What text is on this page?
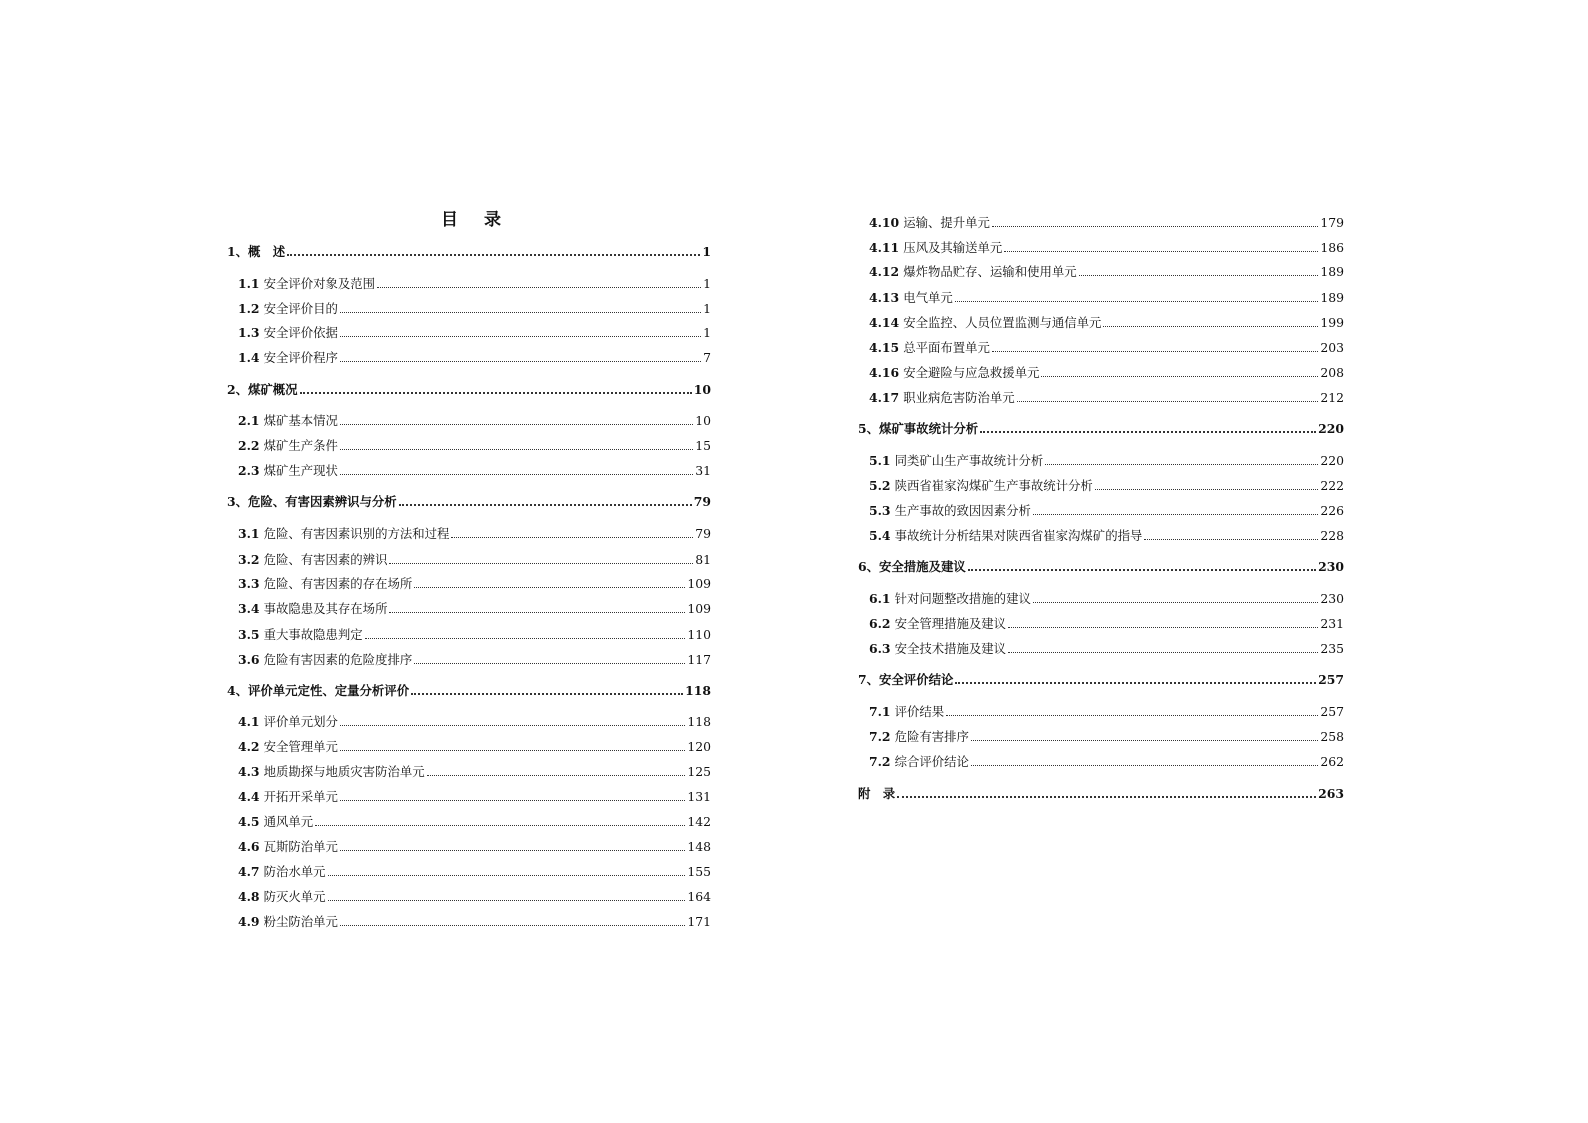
目 录
1、概　述	1
1.1 安全评价对象及范围	1
1.2 安全评价目的	1
1.3 安全评价依据	1
1.4 安全评价程序	7
2、煤矿概况	10
2.1 煤矿基本情况	10
2.2 煤矿生产条件	15
2.3 煤矿生产现状	31
3、危险、有害因素辨识与分析	79
3.1 危险、有害因素识别的方法和过程	79
3.2 危险、有害因素的辨识	81
3.3 危险、有害因素的存在场所	109
3.4 事故隐患及其存在场所	109
3.5 重大事故隐患判定	110
3.6 危险有害因素的危险度排序	117
4、评价单元定性、定量分析评价	118
4.1 评价单元划分	118
4.2 安全管理单元	120
4.3 地质勘探与地质灾害防治单元	125
4.4 开拓开采单元	131
4.5 通风单元	142
4.6 瓦斯防治单元	148
4.7 防治水单元	155
4.8 防灭火单元	164
4.9 粉尘防治单元	171
4.10 运输、提升单元	179
4.11 压风及其输送单元	186
4.12 爆炸物品贮存、运输和使用单元	189
4.13 电气单元	189
4.14 安全监控、人员位置监测与通信单元	199
4.15 总平面布置单元	203
4.16 安全避险与应急救援单元	208
4.17 职业病危害防治单元	212
5、煤矿事故统计分析	220
5.1 同类矿山生产事故统计分析	220
5.2 陕西省崔家沟煤矿生产事故统计分析	222
5.3 生产事故的致因因素分析	226
5.4 事故统计分析结果对陕西省崔家沟煤矿的指导	228
6、安全措施及建议	230
6.1 针对问题整改措施的建议	230
6.2 安全管理措施及建议	231
6.3 安全技术措施及建议	235
7、安全评价结论	257
7.1 评价结果	257
7.2 危险有害排序	258
7.2 综合评价结论	262
附　录	263
